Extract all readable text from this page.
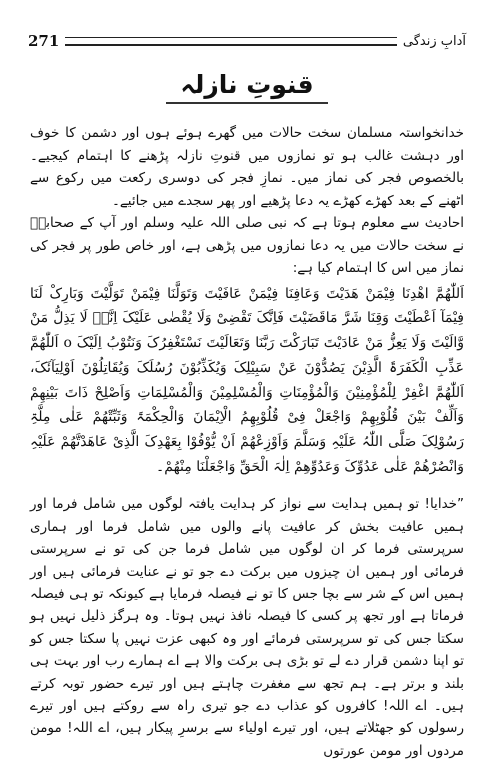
271	آدابِ زندگی
قنوتِ نازلہ

خدانخواستہ مسلمان سخت حالات میں گھرے ہوئے ہوں اور دشمن کا خوف اور دہشت غالب ہو تو نمازوں میں قنوتِ نازلہ پڑھنے کا اہتمام کیجیے۔ بالخصوص فجر کی نماز میں۔ نمازِ فجر کی دوسری رکعت میں رکوع سے اٹھنے کے بعد کھڑے کھڑے یہ دعا پڑھیے اور پھر سجدے میں جائیے۔

احادیث سے معلوم ہوتا ہے کہ نبی صلی اللہ علیہ وسلم اور آپ کے صحابہؓ نے سخت حالات میں یہ دعا نمازوں میں پڑھی ہے، اور خاص طور پر فجر کی نماز میں اس کا اہتمام کیا ہے:

اَللّٰھُمَّ اھْدِنَا فِیْمَنْ ھَدَیْتَ وَعَافِنَا فِیْمَنْ عَافَیْتَ وَتَوَلَّنَا فِیْمَنْ تَوَلَّیْتَ وَبَارِکْ لَنَا فِیْمَآ اَعْطَیْتَ وَقِنَا شَرَّ مَاقَضَیْتَ فَاِنَّکَ تَقْضِیْ وَلَا یُقْضٰی عَلَیْکَ اِنَّہٗ لَا یَذِلُّ مَنْ وَّالَیْتَ وَلَا یَعِزُّ مَنْ عَادَیْتَ تَبَارَکْتَ رَبَّنَا وَتَعَالَیْتَ نَسْتَغْفِرُکَ وَنَتُوْبُ اِلَیْکَ o اَللّٰھُمَّ عَذِّبِ الْکَفَرَۃَ الَّذِیْنَ یَصُدُّوْنَ عَنْ سَبِیْلِکَ وَیُکَذِّبُوْنَ رُسُلَکَ وَیُقَاتِلُوْنَ اَوْلِیَآئَکَ، اَللّٰھُمَّ اغْفِرْ لِلْمُؤْمِنِیْنَ وَالْمُؤْمِنَاتِ وَالْمُسْلِمِیْنَ وَالْمُسْلِمَاتِ وَاَصْلِحْ ذَاتَ بَیْنِھِمْ وَاَلِّفْ بَیْنَ قُلُوْبِھِمْ وَاجْعَلْ فِیْ قُلُوْبِھِمُ الْاِیْمَانَ وَالْحِکْمَۃَ وَثَبِّتْھُمْ عَلٰی مِلَّۃِ رَسُوْلِکَ صَلَّی اللّٰہُ عَلَیْہِ وَسَلَّمَ وَاَوْزِعْھُمْ اَنْ یُّوْفُوْا بِعَھْدِکَ الَّذِیْ عَاھَدْتَّھُمْ عَلَیْہِ وَانْصُرْھُمْ عَلٰی عَدُوِّکَ وَعَدُوِّھِمْ اِلٰہَ الْحَقِّ وَاجْعَلْنَا مِنْھُمْ۔

”خدایا! تو ہمیں ہدایت سے نواز کر ہدایت یافتہ لوگوں میں شامل فرما اور ہمیں عافیت بخش کر عافیت پانے والوں میں شامل فرما اور ہماری سرپرستی فرما کر ان لوگوں میں شامل فرما جن کی تو نے سرپرستی فرمائی اور ہمیں ان چیزوں میں برکت دے جو تو نے عنایت فرمائی ہیں اور ہمیں اس کے شر سے بچا جس کا تو نے فیصلہ فرمایا ہے کیونکہ تو ہی فیصلہ فرماتا ہے اور تجھ پر کسی کا فیصلہ نافذ نہیں ہوتا۔ وہ ہرگز ذلیل نہیں ہو سکتا جس کی تو سرپرستی فرمائے اور وہ کبھی عزت نہیں پا سکتا جس کو تو اپنا دشمن قرار دے لے تو بڑی ہی برکت والا ہے اے ہمارے رب اور بہت ہی بلند و برتر ہے۔ ہم تجھ سے مغفرت چاہتے ہیں اور تیرے حضور توبہ کرتے ہیں۔ اے اللہ! کافروں کو عذاب دے جو تیری راہ سے روکتے ہیں اور تیرے رسولوں کو جھٹلاتے ہیں، اور تیرے اولیاء سے برسرِ پیکار ہیں، اے اللہ! مومن مردوں اور مومن عورتوں
